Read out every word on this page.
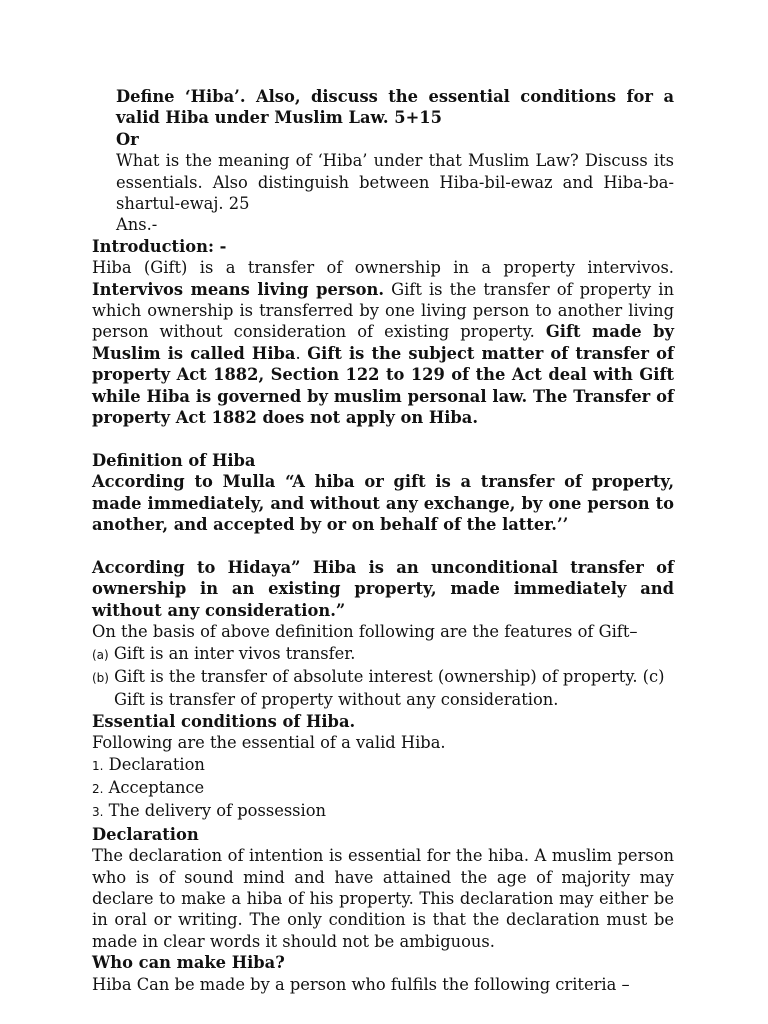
Define ‘Hiba’. Also, discuss the essential conditions for a valid Hiba under Muslim Law. 5+15

Or

What is the meaning of ‘Hiba’ under that Muslim Law? Discuss its essentials. Also distinguish between Hiba-bil-ewaz and Hiba-ba-shartul-ewaj. 25

Ans.-

Introduction: -

Hiba (Gift) is a transfer of ownership in a property intervivos. Intervivos means living person. Gift is the transfer of property in which ownership is transferred by one living person to another living person without consideration of existing property. Gift made by Muslim is called Hiba. Gift is the subject matter of transfer of property Act 1882, Section 122 to 129 of the Act deal with Gift while Hiba is governed by muslim personal law. The Transfer of property Act 1882 does not apply on Hiba.

Definition of Hiba

According to Mulla “A hiba or gift is a transfer of property, made immediately, and without any exchange, by one person to another, and accepted by or on behalf of the latter.’’

According to Hidaya” Hiba is an unconditional transfer of ownership in an existing property, made immediately and without any consideration.”

On the basis of above definition following are the features of Gift–

(a) Gift is an inter vivos transfer.

(b) Gift is the transfer of absolute interest (ownership) of property. (c)

Gift is transfer of property without any consideration.

Essential conditions of Hiba.

Following are the essential of a valid Hiba.

1. Declaration

2. Acceptance

3. The delivery of possession

Declaration

The declaration of intention is essential for the hiba. A muslim person who is of sound mind and have attained the age of majority may declare to make a hiba of his property. This declaration may either be in oral or writing. The only condition is that the declaration must be made in clear words it should not be ambiguous.

Who can make Hiba?

Hiba Can be made by a person who fulfils the following criteria –
